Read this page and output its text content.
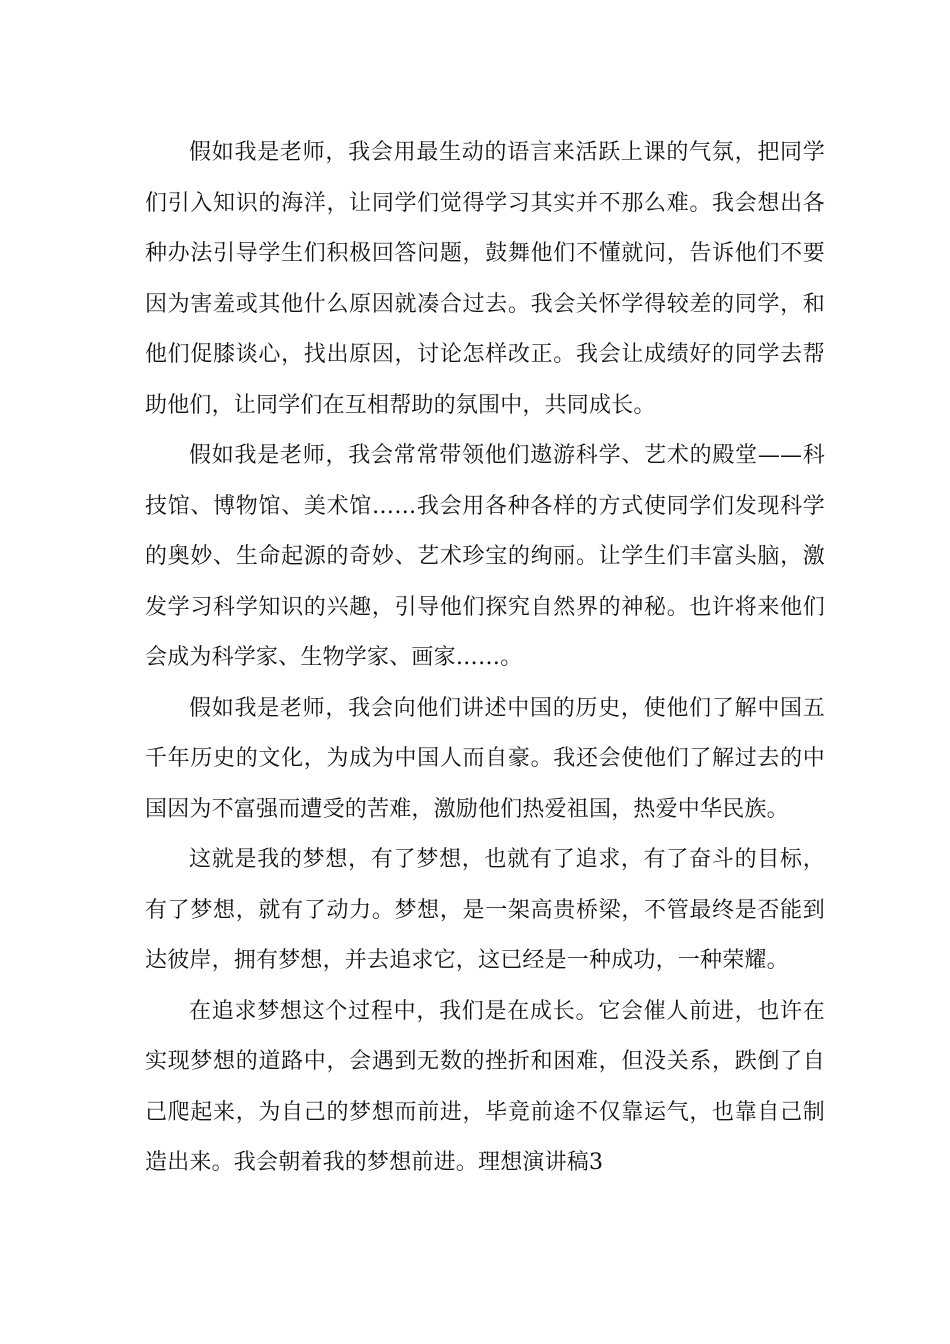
假如我是老师，我会用最生动的语言来活跃上课的气氛，把同学们引入知识的海洋，让同学们觉得学习其实并不那么难。我会想出各种办法引导学生们积极回答问题，鼓舞他们不懂就问，告诉他们不要因为害羞或其他什么原因就凑合过去。我会关怀学得较差的同学，和他们促膝谈心，找出原因，讨论怎样改正。我会让成绩好的同学去帮助他们，让同学们在互相帮助的氛围中，共同成长。

假如我是老师，我会常常带领他们遨游科学、艺术的殿堂——科技馆、博物馆、美术馆……我会用各种各样的方式使同学们发现科学的奥妙、生命起源的奇妙、艺术珍宝的绚丽。让学生们丰富头脑，激发学习科学知识的兴趣，引导他们探究自然界的神秘。也许将来他们会成为科学家、生物学家、画家……。

假如我是老师，我会向他们讲述中国的历史，使他们了解中国五千年历史的文化，为成为中国人而自豪。我还会使他们了解过去的中国因为不富强而遭受的苦难，激励他们热爱祖国，热爱中华民族。

这就是我的梦想，有了梦想，也就有了追求，有了奋斗的目标，有了梦想，就有了动力。梦想，是一架高贵桥梁，不管最终是否能到达彼岸，拥有梦想，并去追求它，这已经是一种成功，一种荣耀。

在追求梦想这个过程中，我们是在成长。它会催人前进，也许在实现梦想的道路中，会遇到无数的挫折和困难，但没关系，跌倒了自己爬起来，为自己的梦想而前进，毕竟前途不仅靠运气，也靠自己制造出来。我会朝着我的梦想前进。理想演讲稿3
